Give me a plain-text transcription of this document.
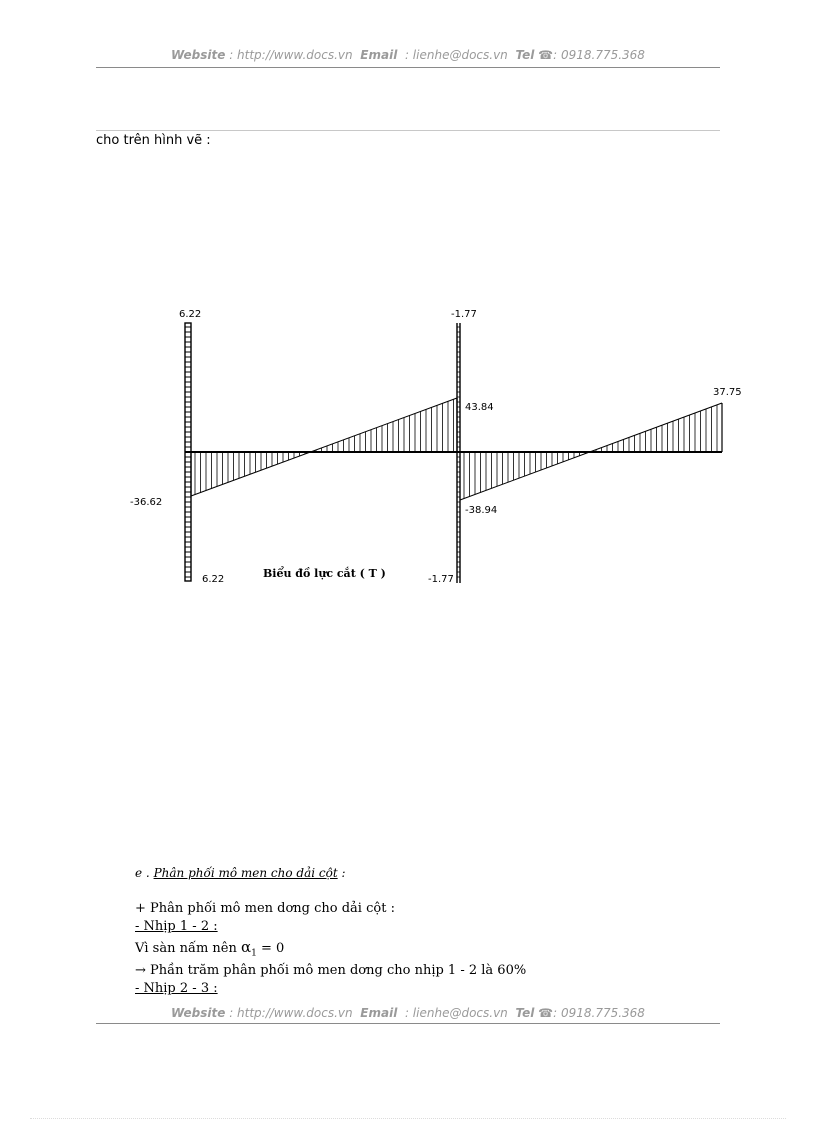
Website : http://www.docs.vn Email : lienhe@docs.vn Tel ☎: 0918.775.368
cho trên hình vẽ :
6.22
6.22
-36.62
-1.77
-1.77
43.84
-38.94
37.75
Biểu đồ lực cắt ( T )
e . Phân phối mô men cho dải cột :
+ Phân phối mô men dơng cho dải cột :
- Nhịp 1 - 2 :
Vì sàn nấm nên $\alpha_1 = 0$
→ Phần trăm phân phối mô men dơng cho nhịp 1 - 2 là 60%
- Nhịp 2 - 3 :
Website : http://www.docs.vn Email : lienhe@docs.vn Tel ☎: 0918.775.368
